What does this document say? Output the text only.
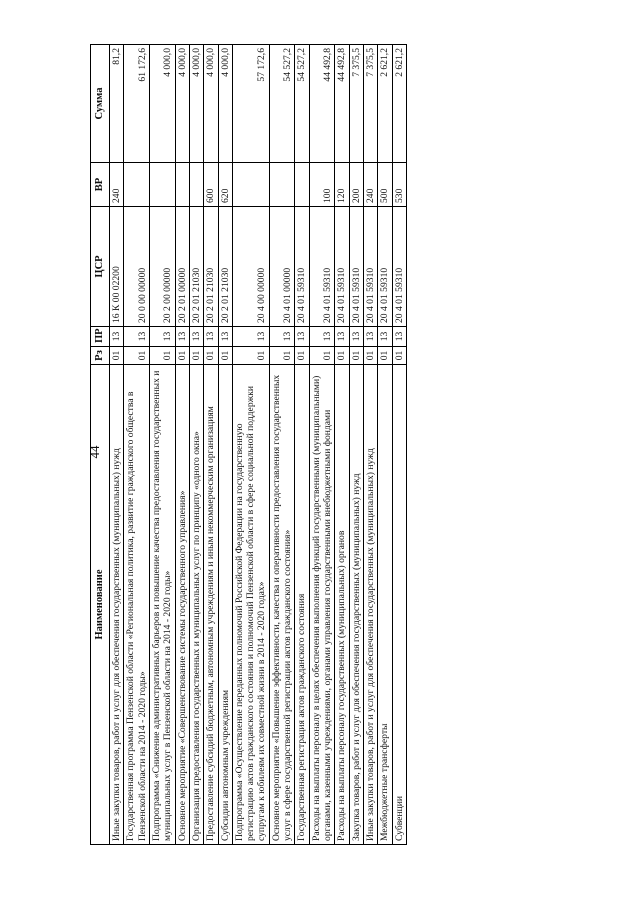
44
Наименование	Рз	ПР	ЦСР	ВР	Сумма
Иные закупки товаров, работ и услуг для обеспечения государственных (муниципальных) нужд	01	13	16 К 00 02200	240	81,2
Государственная программа Пензенской области «Региональная политика, развитие гражданского общества в Пензенской области на 2014 - 2020 годы»	01	13	20 0 00 00000		61 172,6
Подпрограмма «Снижение административных барьеров и повышение качества предоставления государственных и муниципальных услуг в Пензенской области на 2014 - 2020 годы»	01	13	20 2 00 00000		4 000,0
Основное мероприятие «Совершенствование системы государственного управления»	01	13	20 2 01 00000		4 000,0
Организация предоставления государственных и муниципальных услуг по принципу «одного окна»	01	13	20 2 01 21030		4 000,0
Предоставление субсидий бюджетным, автономным учреждениям и иным некоммерческим организациям	01	13	20 2 01 21030	600	4 000,0
Субсидии автономным учреждениям	01	13	20 2 01 21030	620	4 000,0
Подпрограмма «Осуществление переданных полномочий Российской Федерации на государственную регистрацию актов гражданского состояния и полномочий Пензенской области в сфере социальной поддержки супругам к юбилеям их совместной жизни в 2014 - 2020 годах»	01	13	20 4 00 00000		57 172,6
Основное мероприятие «Повышение эффективности, качества и оперативности предоставления государственных услуг в сфере государственной регистрации актов гражданского состояния»	01	13	20 4 01 00000		54 527,2
Государственная регистрация актов гражданского состояния	01	13	20 4 01 59310		54 527,2
Расходы на выплаты персоналу в целях обеспечения выполнения функций государственными (муниципальными) органами, казенными учреждениями, органами управления государственными внебюджетными фондами	01	13	20 4 01 59310	100	44 492,8
Расходы на выплаты персоналу государственных (муниципальных) органов	01	13	20 4 01 59310	120	44 492,8
Закупка товаров, работ и услуг для обеспечения государственных (муниципальных) нужд	01	13	20 4 01 59310	200	7 375,5
Иные закупки товаров, работ и услуг для обеспечения государственных (муниципальных) нужд	01	13	20 4 01 59310	240	7 375,5
Межбюджетные трансферты	01	13	20 4 01 59310	500	2 621,2
Субвенции	01	13	20 4 01 59310	530	2 621,2
